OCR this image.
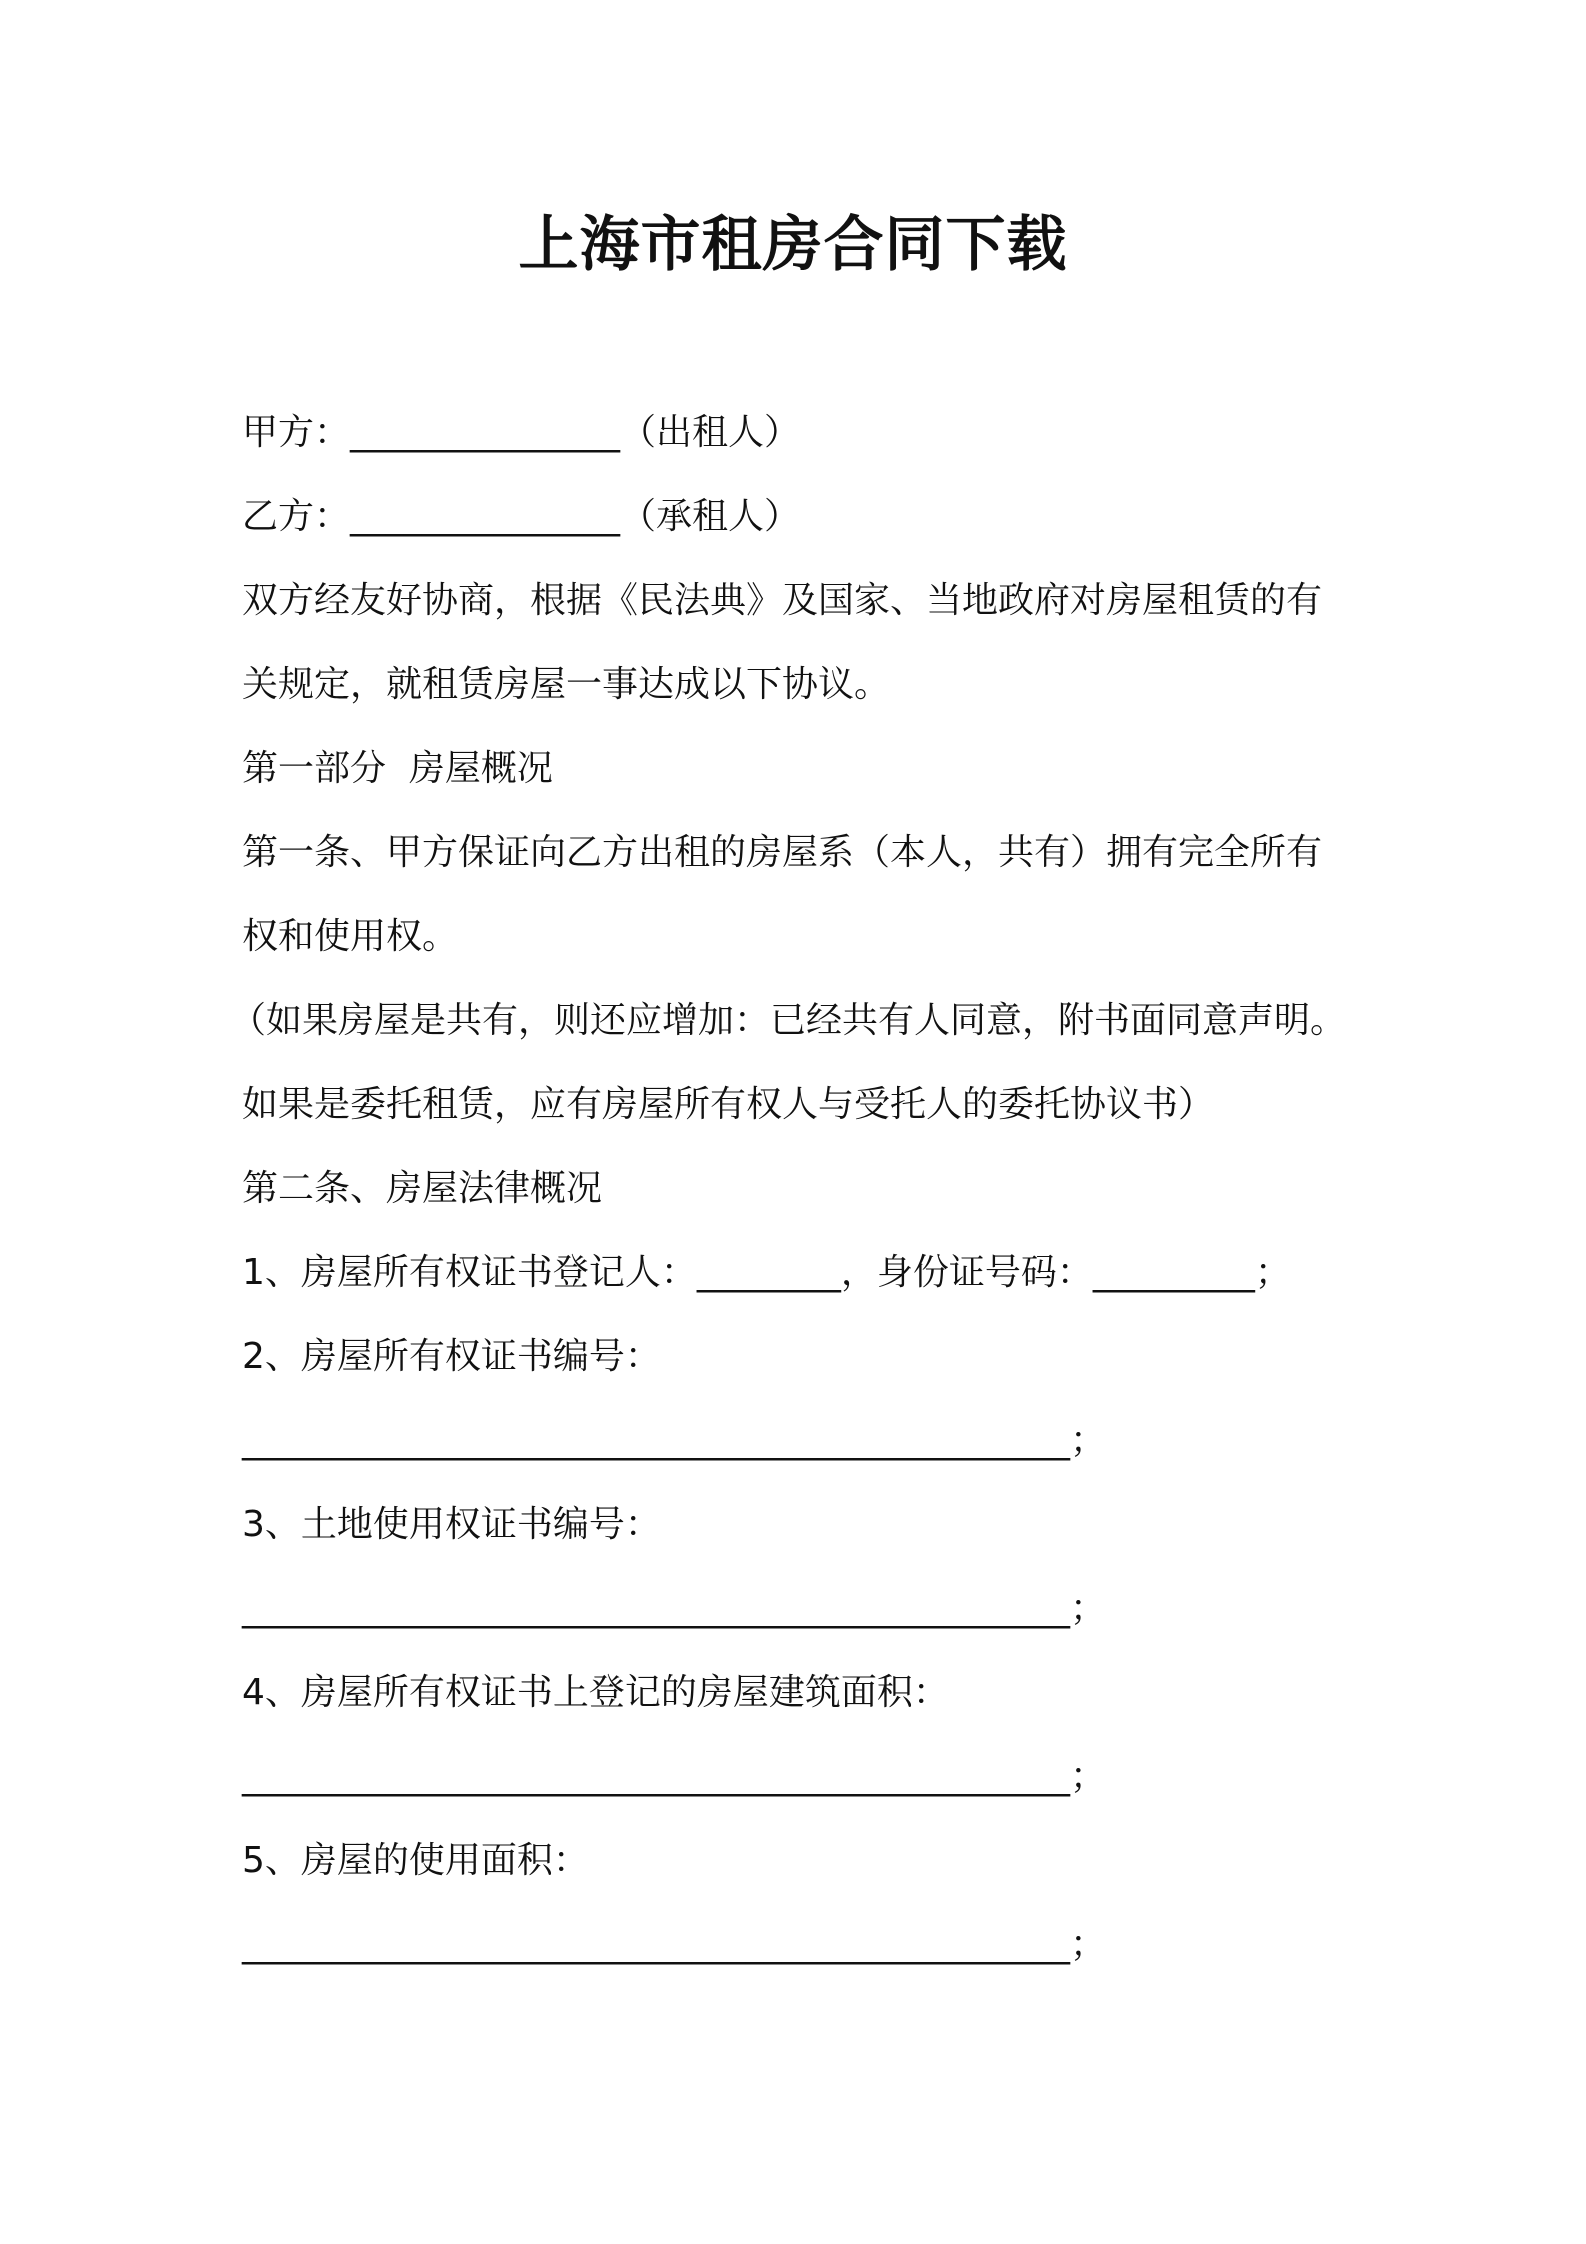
上海市租房合同下载
甲方：_______________（出租人）
乙方：_______________（承租人）
双方经友好协商，根据《民法典》及国家、当地政府对房屋租赁的有
关规定，就租赁房屋一事达成以下协议。
第一部分  房屋概况
第一条、甲方保证向乙方出租的房屋系（本人，共有）拥有完全所有
权和使用权。
（如果房屋是共有，则还应增加：已经共有人同意，附书面同意声明。
如果是委托租赁，应有房屋所有权人与受托人的委托协议书）
第二条、房屋法律概况
1、房屋所有权证书登记人：________，身份证号码：_________；
2、房屋所有权证书编号：
______________________________________________；
3、土地使用权证书编号：
______________________________________________；
4、房屋所有权证书上登记的房屋建筑面积：
______________________________________________；
5、房屋的使用面积：
______________________________________________；
